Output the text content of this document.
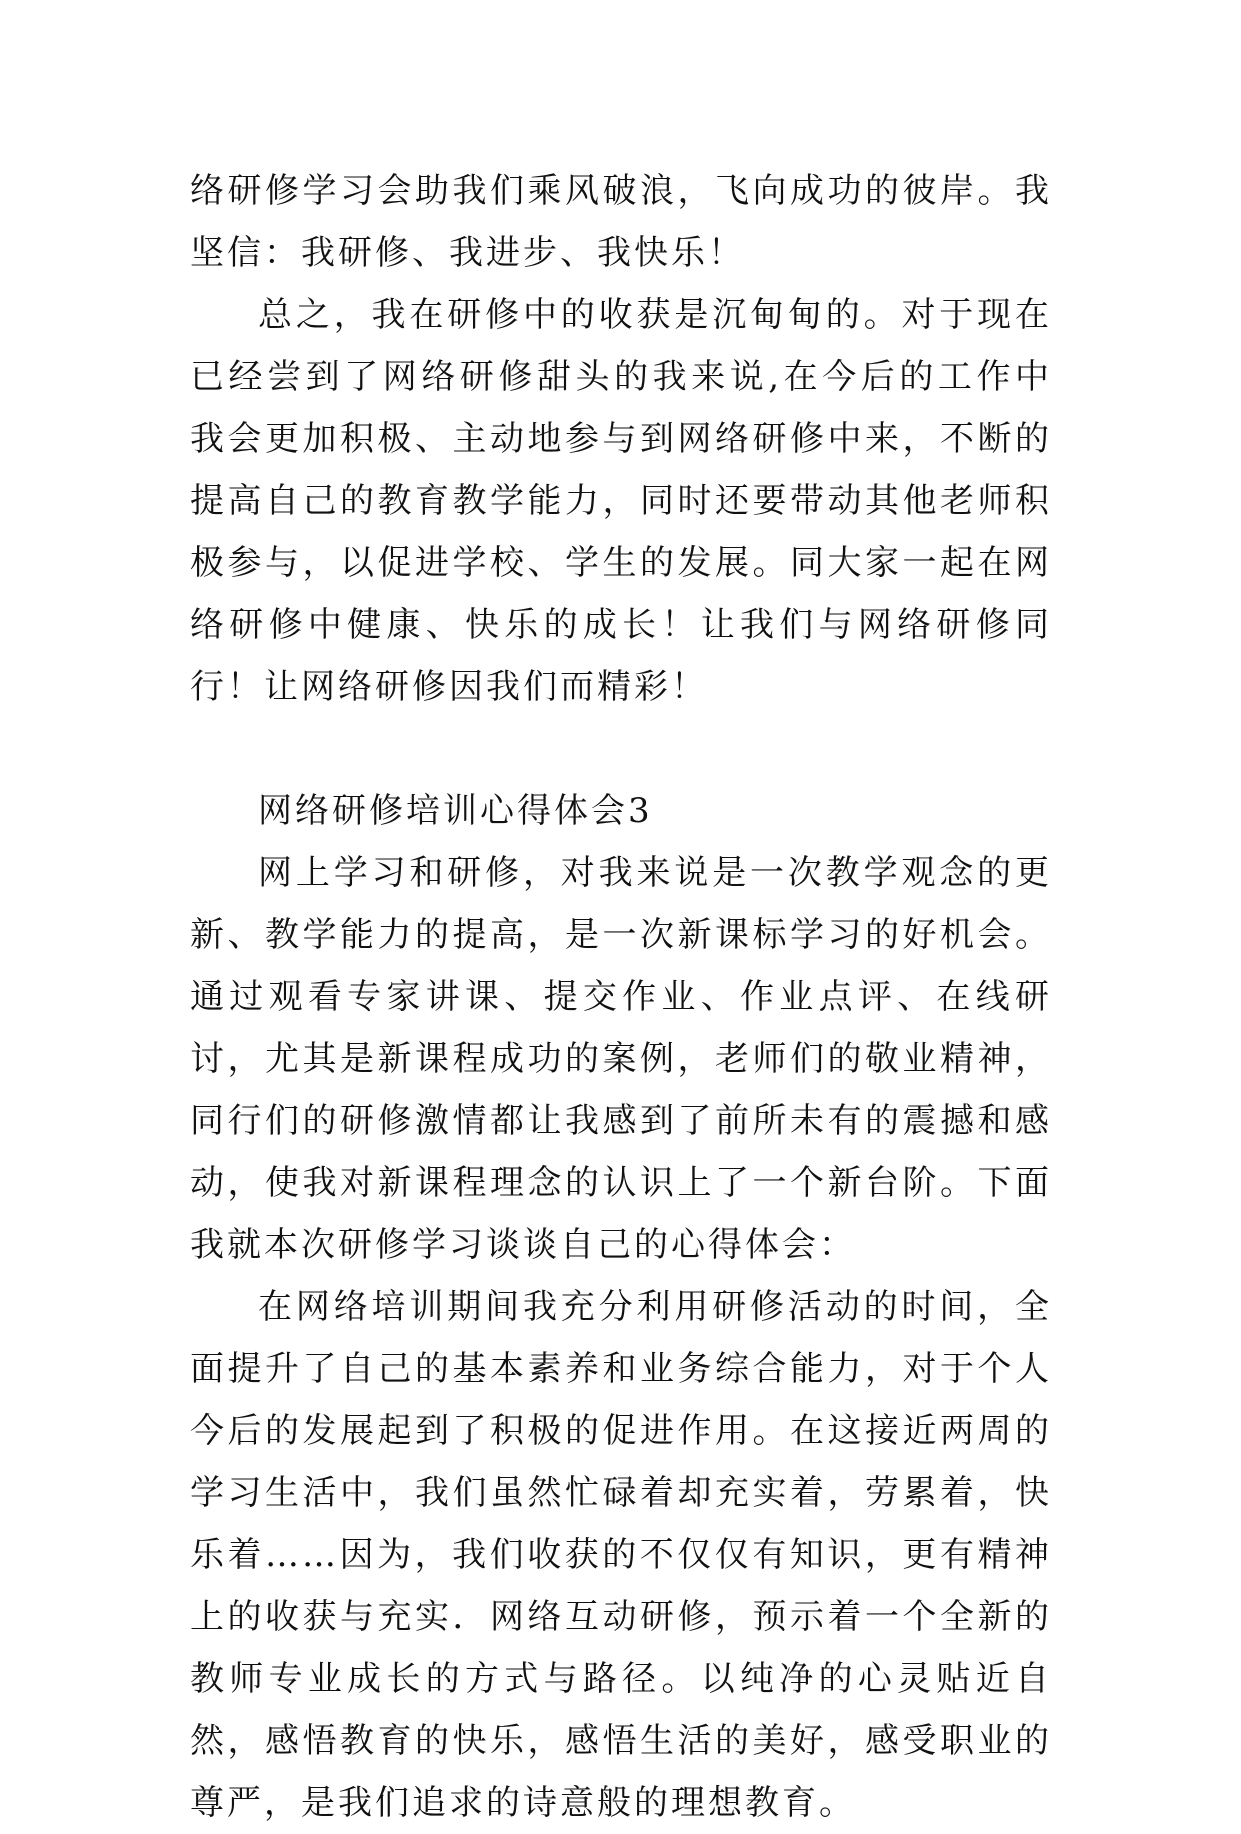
络研修学习会助我们乘风破浪，飞向成功的彼岸。我坚信：我研修、我进步、我快乐！

总之，我在研修中的收获是沉甸甸的。对于现在已经尝到了网络研修甜头的我来说,在今后的工作中我会更加积极、主动地参与到网络研修中来，不断的提高自己的教育教学能力，同时还要带动其他老师积极参与，以促进学校、学生的发展。同大家一起在网络研修中健康、快乐的成长！让我们与网络研修同行！让网络研修因我们而精彩！

网络研修培训心得体会3

网上学习和研修，对我来说是一次教学观念的更新、教学能力的提高，是一次新课标学习的好机会。通过观看专家讲课、提交作业、作业点评、在线研讨，尤其是新课程成功的案例，老师们的敬业精神，同行们的研修激情都让我感到了前所未有的震撼和感动，使我对新课程理念的认识上了一个新台阶。下面我就本次研修学习谈谈自己的心得体会：

在网络培训期间我充分利用研修活动的时间，全面提升了自己的基本素养和业务综合能力，对于个人今后的发展起到了积极的促进作用。在这接近两周的学习生活中，我们虽然忙碌着却充实着，劳累着，快乐着……因为，我们收获的不仅仅有知识，更有精神上的收获与充实．网络互动研修，预示着一个全新的教师专业成长的方式与路径。以纯净的心灵贴近自然，感悟教育的快乐，感悟生活的美好，感受职业的尊严，是我们追求的诗意般的理想教育。
